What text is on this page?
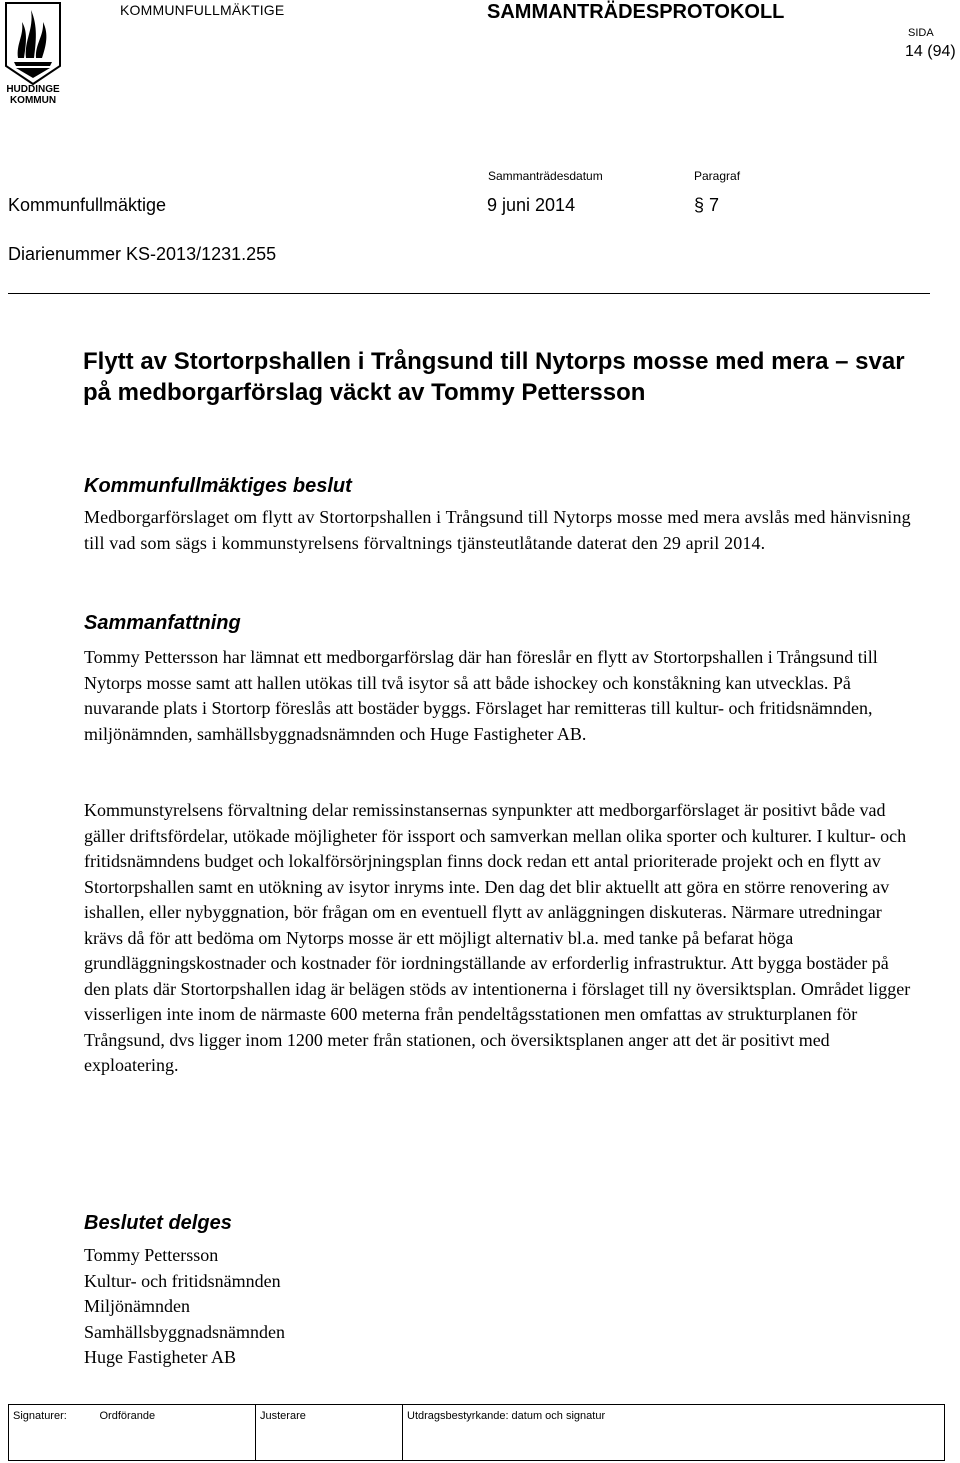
HUDDINGE
KOMMUN
KOMMUNFULLMÄKTIGE	SAMMANTRÄDESPROTOKOLL
SIDA
14 (94)
Sammanträdesdatum	Paragraf
Kommunfullmäktige	9 juni 2014	§ 7
Diarienummer KS-2013/1231.255
Flytt av Stortorpshallen i Trångsund till Nytorps mosse med mera – svar på medborgarförslag väckt av Tommy Pettersson
Kommunfullmäktiges beslut
Medborgarförslaget om flytt av Stortorpshallen i Trångsund till Nytorps mosse med mera avslås med hänvisning till vad som sägs i kommunstyrelsens förvaltnings tjänsteutlåtande daterat den 29 april 2014.
Sammanfattning
Tommy Pettersson har lämnat ett medborgarförslag där han föreslår en flytt av Stortorpshallen i Trångsund till Nytorps mosse samt att hallen utökas till två isytor så att både ishockey och konståkning kan utvecklas. På nuvarande plats i Stortorp föreslås att bostäder byggs. Förslaget har remitteras till kultur- och fritidsnämnden, miljönämnden, samhällsbyggnadsnämnden och Huge Fastigheter AB.
Kommunstyrelsens förvaltning delar remissinstansernas synpunkter att medborgarförslaget är positivt både vad gäller driftsfördelar, utökade möjligheter för issport och samverkan mellan olika sporter och kulturer. I kultur- och fritidsnämndens budget och lokalförsörjningsplan finns dock redan ett antal prioriterade projekt och en flytt av Stortorpshallen samt en utökning av isytor inryms inte. Den dag det blir aktuellt att göra en större renovering av ishallen, eller nybyggnation, bör frågan om en eventuell flytt av anläggningen diskuteras. Närmare utredningar krävs då för att bedöma om Nytorps mosse är ett möjligt alternativ bl.a. med tanke på befarat höga grundläggningskostnader och kostnader för iordningställande av erforderlig infrastruktur. Att bygga bostäder på den plats där Stortorpshallen idag är belägen stöds av intentionerna i förslaget till ny översiktsplan. Området ligger visserligen inte inom de närmaste 600 meterna från pendeltågsstationen men omfattas av strukturplanen för Trångsund, dvs ligger inom 1200 meter från stationen, och översiktsplanen anger att det är positivt med exploatering.
Beslutet delges
Tommy Pettersson
Kultur- och fritidsnämnden
Miljönämnden
Samhällsbyggnadsnämnden
Huge Fastigheter AB
Signaturer:	Ordförande	Justerare	Utdragsbestyrkande: datum och signatur
